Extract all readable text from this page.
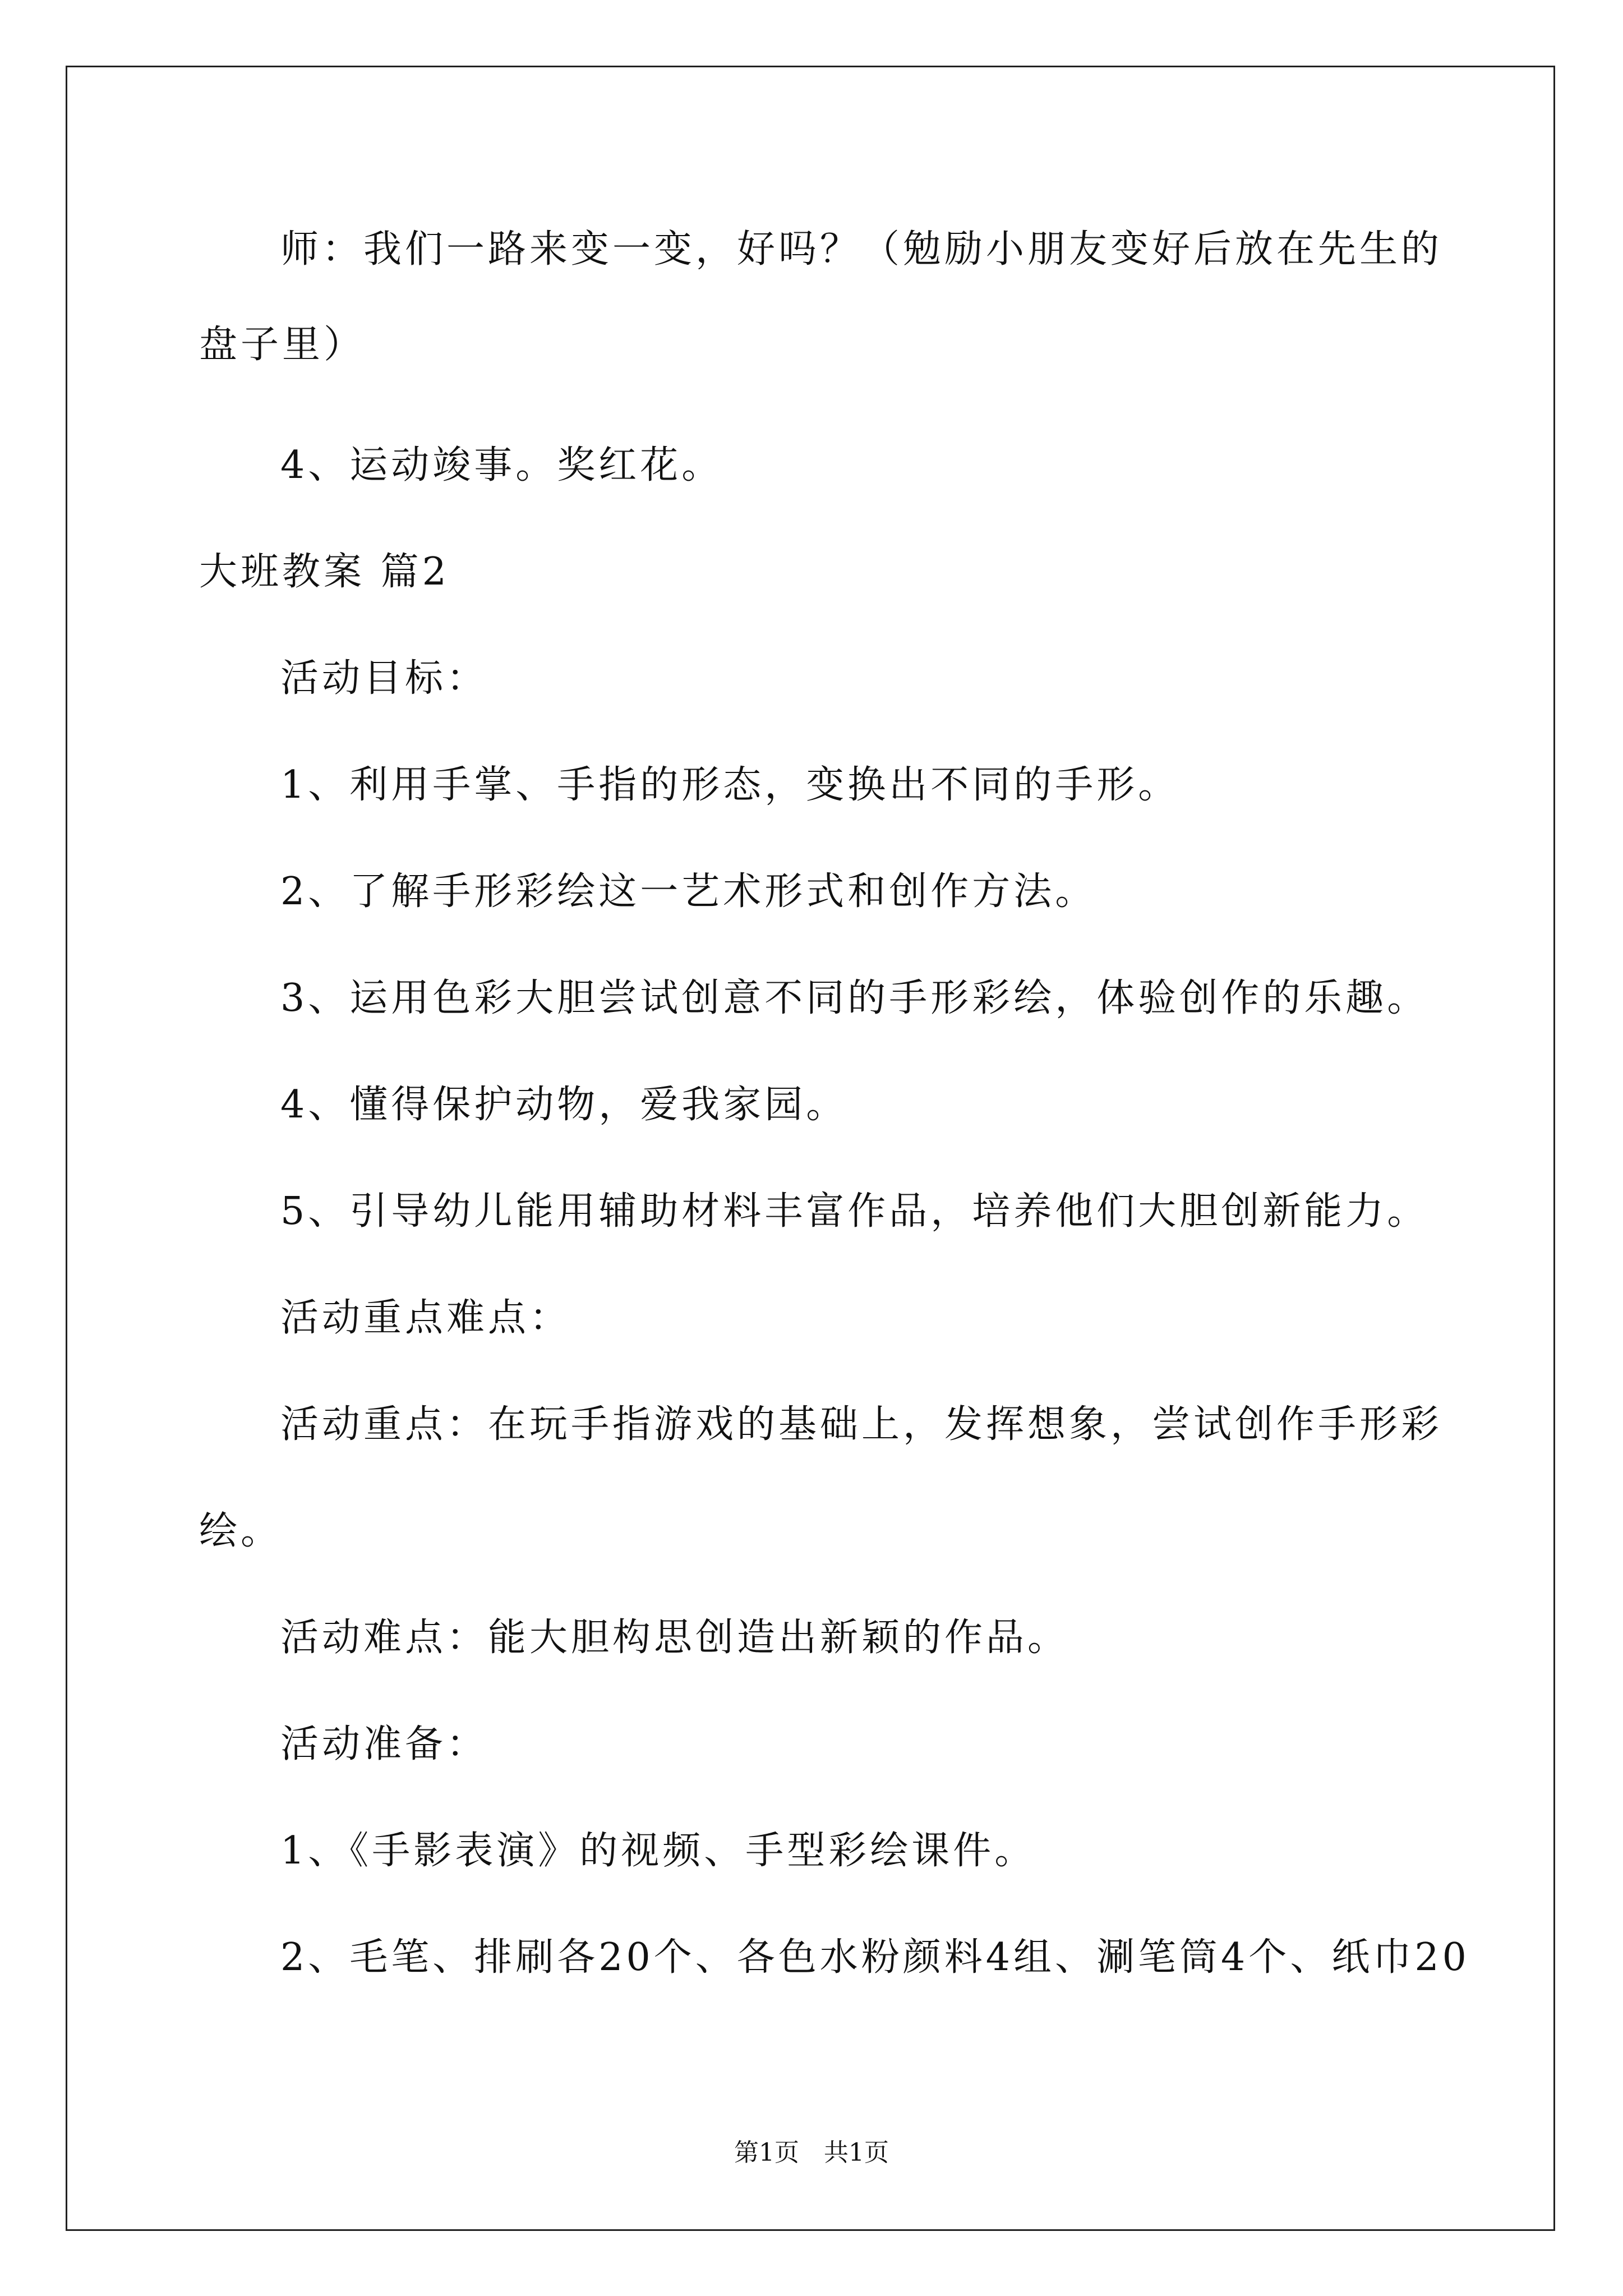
师：我们一路来变一变，好吗？（勉励小朋友变好后放在先生的
盘子里）
4、运动竣事。奖红花。
大班教案 篇2
活动目标：
1、利用手掌、手指的形态，变换出不同的手形。
2、了解手形彩绘这一艺术形式和创作方法。
3、运用色彩大胆尝试创意不同的手形彩绘，体验创作的乐趣。
4、懂得保护动物，爱我家园。
5、引导幼儿能用辅助材料丰富作品，培养他们大胆创新能力。
活动重点难点：
活动重点：在玩手指游戏的基础上，发挥想象，尝试创作手形彩
绘。
活动难点：能大胆构思创造出新颖的作品。
活动准备：
1、《手影表演》的视频、手型彩绘课件。
2、毛笔、排刷各20个、各色水粉颜料4组、涮笔筒4个、纸巾20
第1页 共1页
